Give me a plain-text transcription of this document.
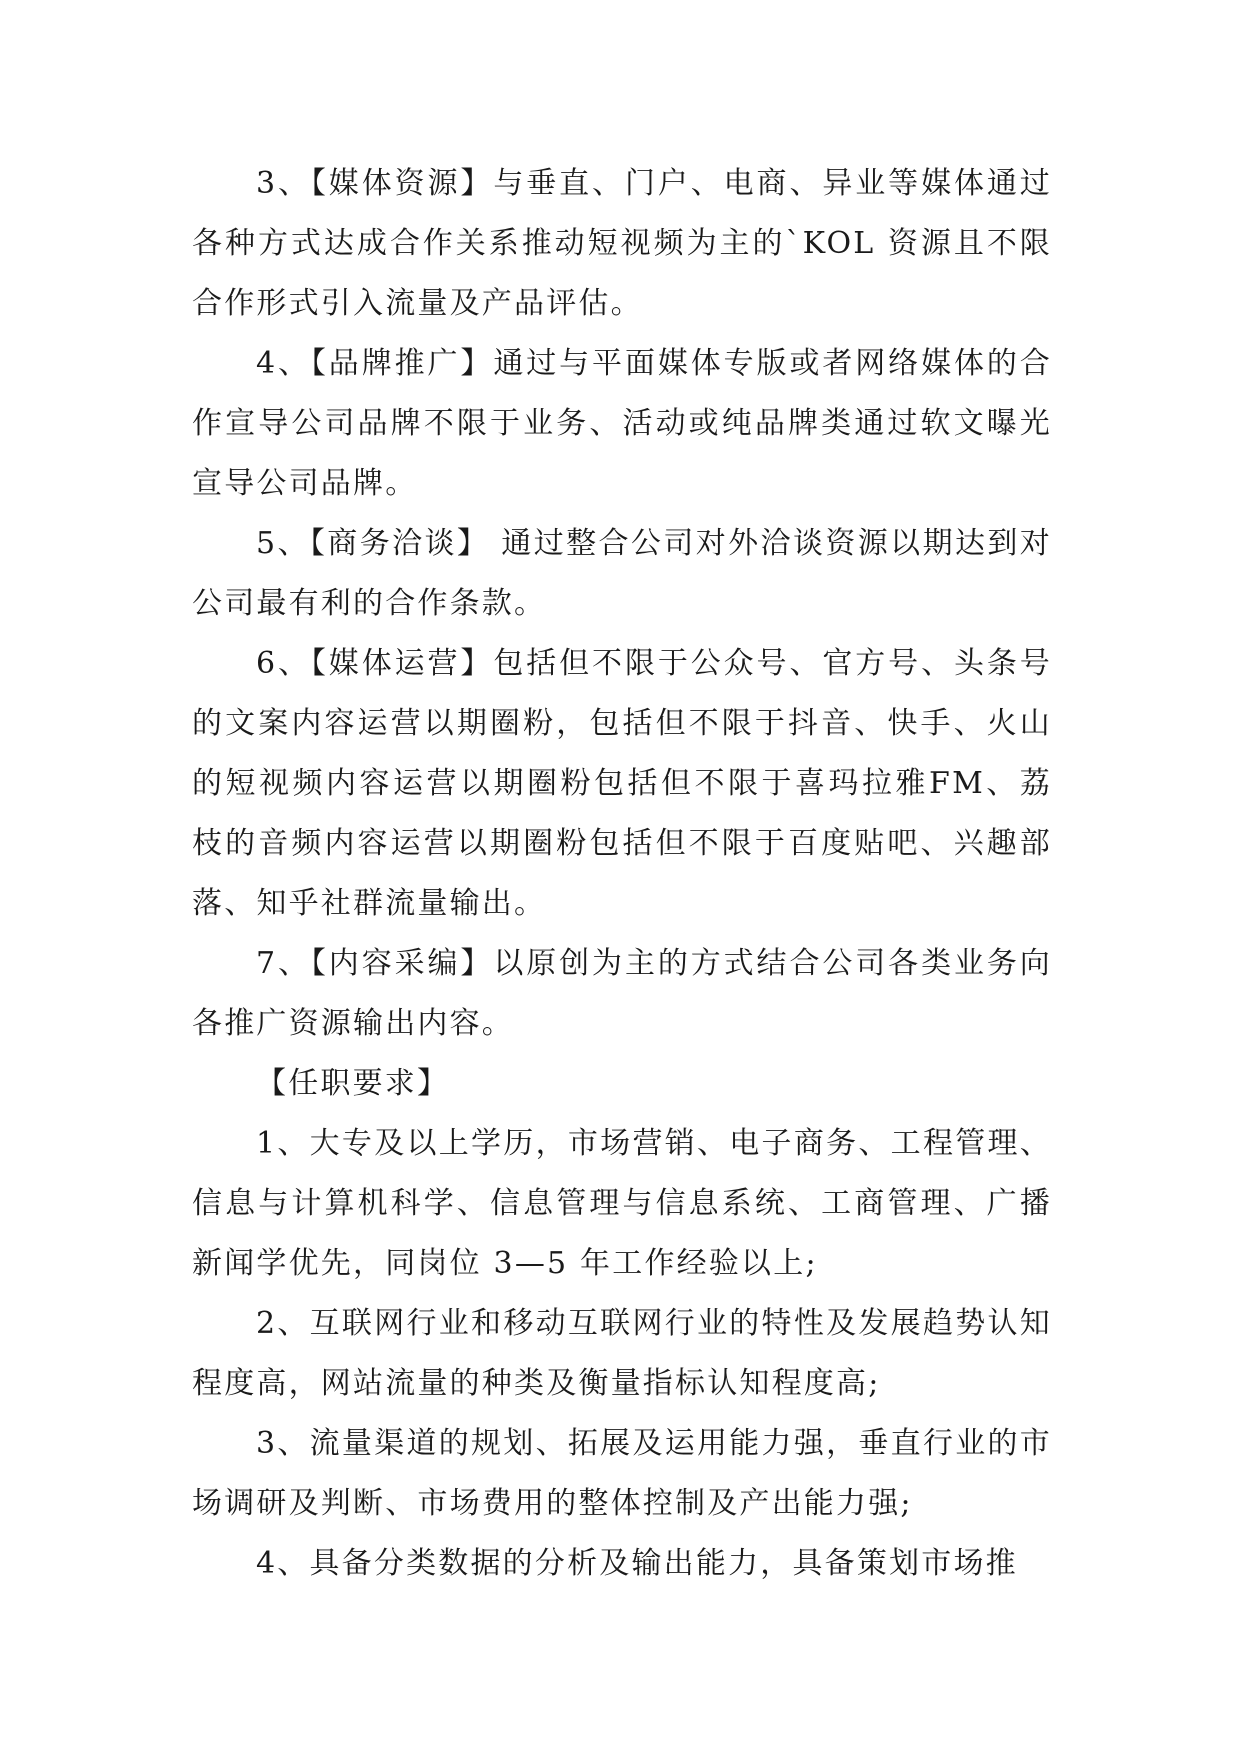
3、【媒体资源】与垂直、门户、电商、异业等媒体通过各种方式达成合作关系推动短视频为主的`KOL 资源且不限合作形式引入流量及产品评估。

4、【品牌推广】通过与平面媒体专版或者网络媒体的合作宣导公司品牌不限于业务、活动或纯品牌类通过软文曝光宣导公司品牌。

5、【商务洽谈】 通过整合公司对外洽谈资源以期达到对公司最有利的合作条款。

6、【媒体运营】包括但不限于公众号、官方号、头条号的文案内容运营以期圈粉，包括但不限于抖音、快手、火山的短视频内容运营以期圈粉包括但不限于喜玛拉雅FM、荔枝的音频内容运营以期圈粉包括但不限于百度贴吧、兴趣部落、知乎社群流量输出。

7、【内容采编】以原创为主的方式结合公司各类业务向各推广资源输出内容。

【任职要求】

1、大专及以上学历，市场营销、电子商务、工程管理、信息与计算机科学、信息管理与信息系统、工商管理、广播新闻学优先，同岗位 3—5 年工作经验以上;

2、互联网行业和移动互联网行业的特性及发展趋势认知程度高，网站流量的种类及衡量指标认知程度高;

3、流量渠道的规划、拓展及运用能力强，垂直行业的市场调研及判断、市场费用的整体控制及产出能力强;

4、具备分类数据的分析及输出能力，具备策划市场推
